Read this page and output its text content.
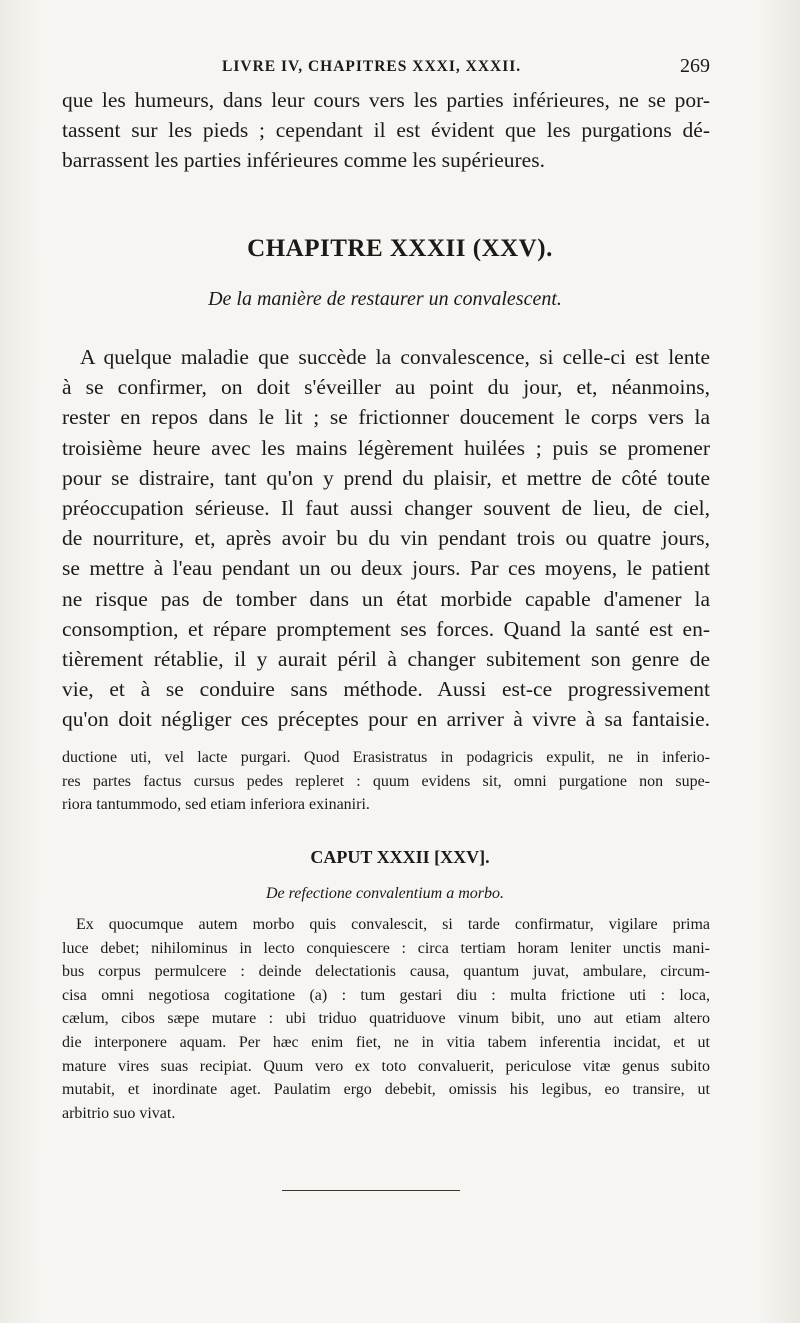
LIVRE IV, CHAPITRES XXXI, XXXII.	269

que les humeurs, dans leur cours vers les parties inférieures, ne se por-
tassent sur les pieds ; cependant il est évident que les purgations dé-
barrassent les parties inférieures comme les supérieures.

CHAPITRE XXXII (XXV).

De la manière de restaurer un convalescent.

A quelque maladie que succède la convalescence, si celle-ci est lente
à se confirmer, on doit s'éveiller au point du jour, et, néanmoins,
rester en repos dans le lit ; se frictionner doucement le corps vers la
troisième heure avec les mains légèrement huilées ; puis se promener
pour se distraire, tant qu'on y prend du plaisir, et mettre de côté toute
préoccupation sérieuse. Il faut aussi changer souvent de lieu, de ciel,
de nourriture, et, après avoir bu du vin pendant trois ou quatre jours,
se mettre à l'eau pendant un ou deux jours. Par ces moyens, le patient
ne risque pas de tomber dans un état morbide capable d'amener la
consomption, et répare promptement ses forces. Quand la santé est en-
tièrement rétablie, il y aurait péril à changer subitement son genre de
vie, et à se conduire sans méthode. Aussi est-ce progressivement
qu'on doit négliger ces préceptes pour en arriver à vivre à sa fantaisie.

ductione uti, vel lacte purgari. Quod Erasistratus in podagricis expulit, ne in inferio-
res partes factus cursus pedes repleret : quum evidens sit, omni purgatione non supe-
riora tantummodo, sed etiam inferiora exinaniri.

CAPUT XXXII [XXV].

De refectione convalentium a morbo.

Ex quocumque autem morbo quis convalescit, si tarde confirmatur, vigilare prima
luce debet; nihilominus in lecto conquiescere : circa tertiam horam leniter unctis mani-
bus corpus permulcere : deinde delectationis causa, quantum juvat, ambulare, circum-
cisa omni negotiosa cogitatione (a) : tum gestari diu : multa frictione uti : loca,
cælum, cibos sæpe mutare : ubi triduo quatriduove vinum bibit, uno aut etiam altero
die interponere aquam. Per hæc enim fiet, ne in vitia tabem inferentia incidat, et ut
mature vires suas recipiat. Quum vero ex toto convaluerit, periculose vitæ genus subito
mutabit, et inordinate aget. Paulatim ergo debebit, omissis his legibus, eo transire, ut
arbitrio suo vivat.
